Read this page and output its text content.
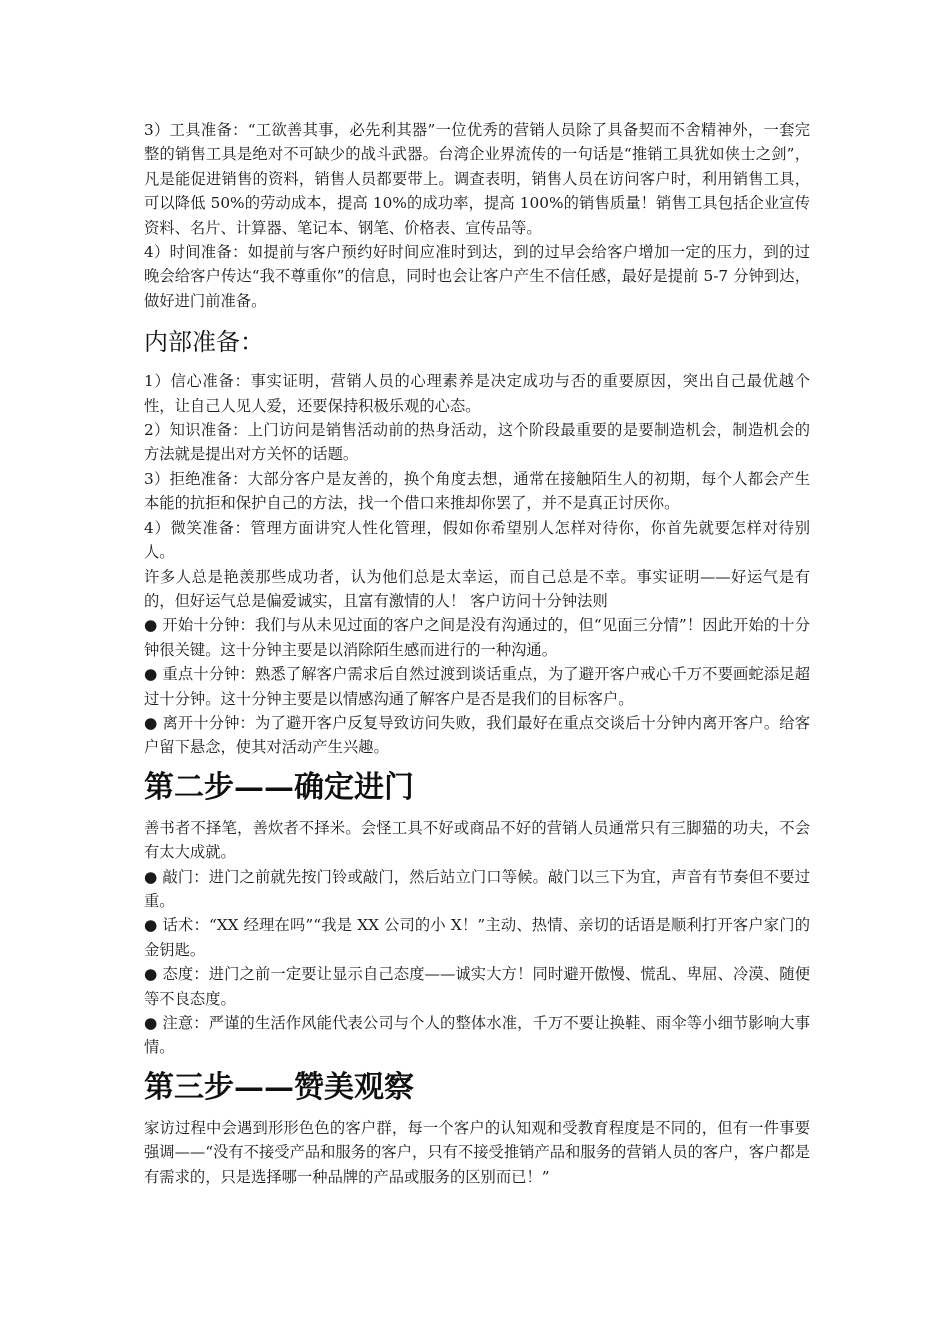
3）工具准备：“工欲善其事，必先利其器”一位优秀的营销人员除了具备契而不舍精神外，一套完整的销售工具是绝对不可缺少的战斗武器。台湾企业界流传的一句话是“推销工具犹如侠士之剑”，凡是能促进销售的资料，销售人员都要带上。调查表明，销售人员在访问客户时，利用销售工具，可以降低 50%的劳动成本，提高 10%的成功率，提高 100%的销售质量！销售工具包括企业宣传资料、名片、计算器、笔记本、钢笔、价格表、宣传品等。

4）时间准备：如提前与客户预约好时间应准时到达，到的过早会给客户增加一定的压力，到的过晚会给客户传达“我不尊重你”的信息，同时也会让客户产生不信任感，最好是提前 5-7 分钟到达，做好进门前准备。

内部准备：

1）信心准备：事实证明，营销人员的心理素养是决定成功与否的重要原因，突出自己最优越个性，让自己人见人爱，还要保持积极乐观的心态。

2）知识准备：上门访问是销售活动前的热身活动，这个阶段最重要的是要制造机会，制造机会的方法就是提出对方关怀的话题。

3）拒绝准备：大部分客户是友善的，换个角度去想，通常在接触陌生人的初期，每个人都会产生本能的抗拒和保护自己的方法，找一个借口来推却你罢了，并不是真正讨厌你。

4）微笑准备：管理方面讲究人性化管理，假如你希望别人怎样对待你，你首先就要怎样对待别人。

许多人总是艳羡那些成功者，认为他们总是太幸运，而自己总是不幸。事实证明——好运气是有的，但好运气总是偏爱诚实，且富有激情的人！ 客户访问十分钟法则

● 开始十分钟：我们与从未见过面的客户之间是没有沟通过的，但“见面三分情”！因此开始的十分钟很关键。这十分钟主要是以消除陌生感而进行的一种沟通。

● 重点十分钟：熟悉了解客户需求后自然过渡到谈话重点，为了避开客户戒心千万不要画蛇添足超过十分钟。这十分钟主要是以情感沟通了解客户是否是我们的目标客户。

● 离开十分钟：为了避开客户反复导致访问失败，我们最好在重点交谈后十分钟内离开客户。给客户留下悬念，使其对活动产生兴趣。

第二步——确定进门

善书者不择笔，善炊者不择米。会怪工具不好或商品不好的营销人员通常只有三脚猫的功夫，不会有太大成就。

● 敲门：进门之前就先按门铃或敲门，然后站立门口等候。敲门以三下为宜，声音有节奏但不要过重。

● 话术：“XX 经理在吗”“我是 XX 公司的小 X！”主动、热情、亲切的话语是顺利打开客户家门的金钥匙。

● 态度：进门之前一定要让显示自己态度——诚实大方！同时避开傲慢、慌乱、卑屈、冷漠、随便等不良态度。

● 注意：严谨的生活作风能代表公司与个人的整体水准，千万不要让换鞋、雨伞等小细节影响大事情。

第三步——赞美观察

家访过程中会遇到形形色色的客户群，每一个客户的认知观和受教育程度是不同的，但有一件事要强调——“没有不接受产品和服务的客户，只有不接受推销产品和服务的营销人员的客户，客户都是有需求的，只是选择哪一种品牌的产品或服务的区别而已！”
